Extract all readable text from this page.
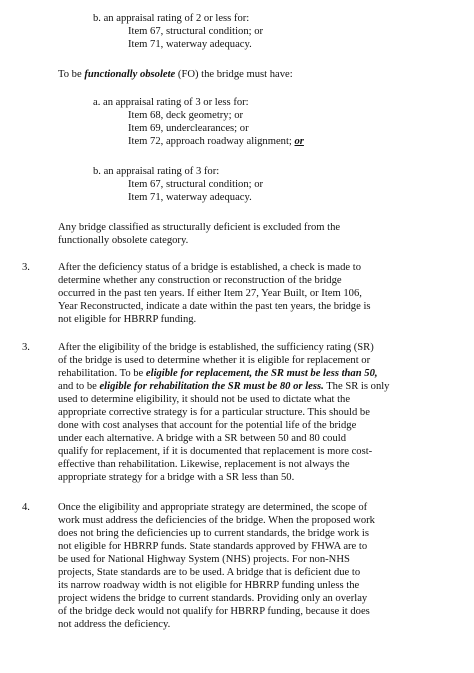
b. an appraisal rating of 2 or less for:
Item 67, structural condition; or
Item 71, waterway adequacy.
To be functionally obsolete (FO) the bridge must have:
a. an appraisal rating of 3 or less for:
Item 68, deck geometry; or
Item 69, underclearances; or
Item 72, approach roadway alignment; or
b. an appraisal rating of 3 for:
Item 67, structural condition; or
Item 71, waterway adequacy.
Any bridge classified as structurally deficient is excluded from the
functionally obsolete category.
3.	After the deficiency status of a bridge is established, a check is made to
determine whether any construction or reconstruction of the bridge
occurred in the past ten years. If either Item 27, Year Built, or Item 106,
Year Reconstructed, indicate a date within the past ten years, the bridge is
not eligible for HBRRP funding.
3.	After the eligibility of the bridge is established, the sufficiency rating (SR)
of the bridge is used to determine whether it is eligible for replacement or
rehabilitation. To be eligible for replacement, the SR must be less than 50,
and to be eligible for rehabilitation the SR must be 80 or less. The SR is only
used to determine eligibility, it should not be used to dictate what the
appropriate corrective strategy is for a particular structure. This should be
done with cost analyses that account for the potential life of the bridge
under each alternative. A bridge with a SR between 50 and 80 could
qualify for replacement, if it is documented that replacement is more cost-
effective than rehabilitation. Likewise, replacement is not always the
appropriate strategy for a bridge with a SR less than 50.
4.	Once the eligibility and appropriate strategy are determined, the scope of
work must address the deficiencies of the bridge. When the proposed work
does not bring the deficiencies up to current standards, the bridge work is
not eligible for HBRRP funds. State standards approved by FHWA are to
be used for National Highway System (NHS) projects. For non-NHS
projects, State standards are to be used. A bridge that is deficient due to
its narrow roadway width is not eligible for HBRRP funding unless the
project widens the bridge to current standards. Providing only an overlay
of the bridge deck would not qualify for HBRRP funding, because it does
not address the deficiency.
